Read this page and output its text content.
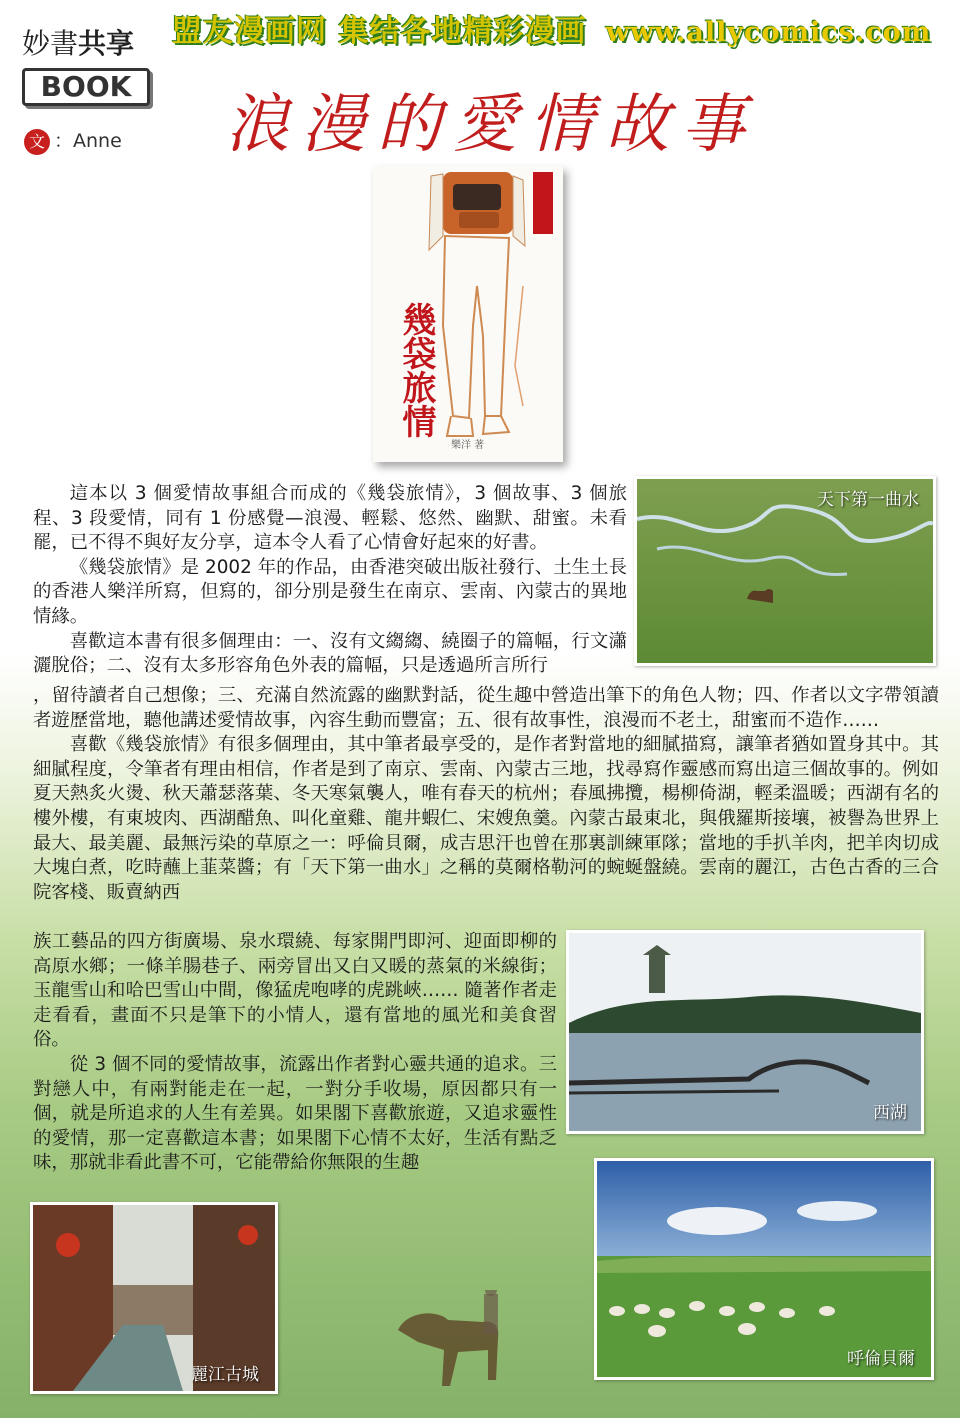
盟友漫画网 集结各地精彩漫画 www.allycomics.com
妙書共享
BOOK
文 ：Anne 浪漫的愛情故事
幾袋旅情
樂洋 著

這本以 3 個愛情故事組合而成的《幾袋旅情》，3 個故事、3 個旅程、3 段愛情，同有 1 份感覺—浪漫、輕鬆、悠然、幽默、甜蜜。未看罷，已不得不與好友分享，這本令人看了心情會好起來的好書。

《幾袋旅情》是 2002 年的作品，由香港突破出版社發行、土生土長的香港人樂洋所寫，但寫的，卻分別是發生在南京、雲南、內蒙古的異地情緣。

喜歡這本書有很多個理由：一、沒有文縐縐、繞圈子的篇幅，行文瀟灑脫俗；二、沒有太多形容角色外表的篇幅，只是透過所言所行

，留待讀者自己想像；三、充滿自然流露的幽默對話，從生趣中營造出筆下的角色人物；四、作者以文字帶領讀者遊歷當地，聽他講述愛情故事，內容生動而豐富；五、很有故事性，浪漫而不老土，甜蜜而不造作……

喜歡《幾袋旅情》有很多個理由，其中筆者最享受的，是作者對當地的細膩描寫，讓筆者猶如置身其中。其細膩程度，令筆者有理由相信，作者是到了南京、雲南、內蒙古三地，找尋寫作靈感而寫出這三個故事的。例如夏天熱炙火燙、秋天蕭瑟落葉、冬天寒氣襲人，唯有春天的杭州；春風拂攬，楊柳倚湖，輕柔溫暖；西湖有名的樓外樓，有東坡肉、西湖醋魚、叫化童雞、龍井蝦仁、宋嫂魚羹。內蒙古最東北，與俄羅斯接壤，被譽為世界上最大、最美麗、最無污染的草原之一：呼倫貝爾，成吉思汗也曾在那裏訓練軍隊；當地的手扒羊肉，把羊肉切成大塊白煮，吃時蘸上韮菜醬；有「天下第一曲水」之稱的莫爾格勒河的蜿蜒盤繞。雲南的麗江，古色古香的三合院客棧、販賣納西

族工藝品的四方街廣場、泉水環繞、每家開門即河、迎面即柳的高原水鄉；一條羊腸巷子、兩旁冒出又白又暖的蒸氣的米線街；玉龍雪山和哈巴雪山中間，像猛虎咆哮的虎跳峽…… 隨著作者走走看看，畫面不只是筆下的小情人，還有當地的風光和美食習俗。

從 3 個不同的愛情故事，流露出作者對心靈共通的追求。三對戀人中，有兩對能走在一起，一對分手收場，原因都只有一個，就是所追求的人生有差異。如果閣下喜歡旅遊，又追求靈性的愛情，那一定喜歡這本書；如果閣下心情不太好，生活有點乏味，那就非看此書不可，它能帶給你無限的生趣

天下第一曲水
西湖
麗江古城
呼倫貝爾
